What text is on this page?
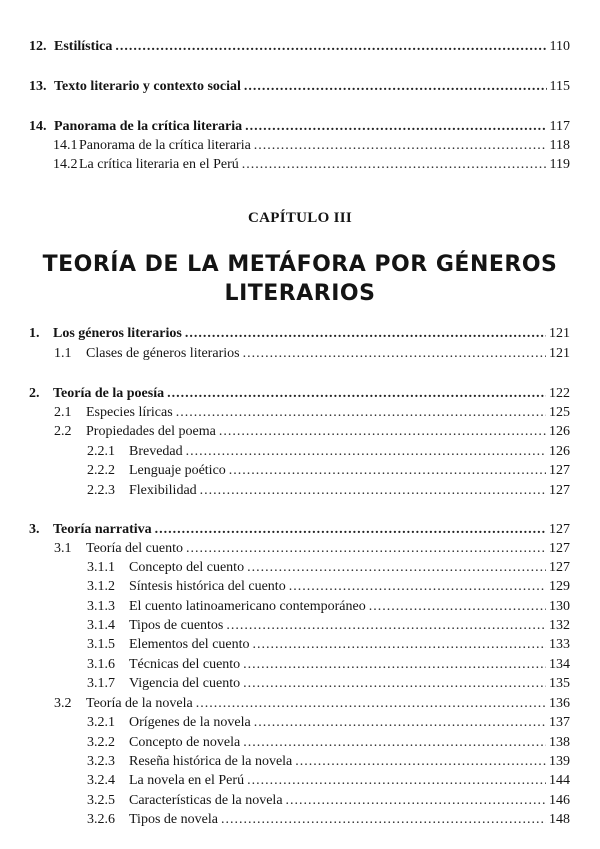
12. Estilística .....	110
13. Texto literario y contexto social .....	115
14. Panorama de la crítica literaria .....	117
14.1 Panorama de la crítica literaria .....	118
14.2 La crítica literaria en el Perú .....	119
CAPÍTULO III
TEORÍA DE LA METÁFORA POR GÉNEROS
LITERARIOS
1. Los géneros literarios .....	121
1.1	Clases de géneros literarios .....	121
2. Teoría de la poesía .....	122
2.1	Especies líricas .....	125
2.2	Propiedades del poema .....	126
2.2.1	Brevedad .....	126
2.2.2	Lenguaje poético .....	127
2.2.3	Flexibilidad .....	127
3. Teoría narrativa .....	127
3.1	Teoría del cuento .....	127
3.1.1	Concepto del cuento .....	127
3.1.2	Síntesis histórica del cuento .....	129
3.1.3	El cuento latinoamericano contemporáneo .....	130
3.1.4	Tipos de cuentos .....	132
3.1.5	Elementos del cuento .....	133
3.1.6	Técnicas del cuento .....	134
3.1.7	Vigencia del cuento .....	135
3.2	Teoría de la novela .....	136
3.2.1	Orígenes de la novela .....	137
3.2.2	Concepto de novela .....	138
3.2.3	Reseña histórica de la novela .....	139
3.2.4	La novela en el Perú .....	144
3.2.5	Características de la novela .....	146
3.2.6	Tipos de novela .....	148
